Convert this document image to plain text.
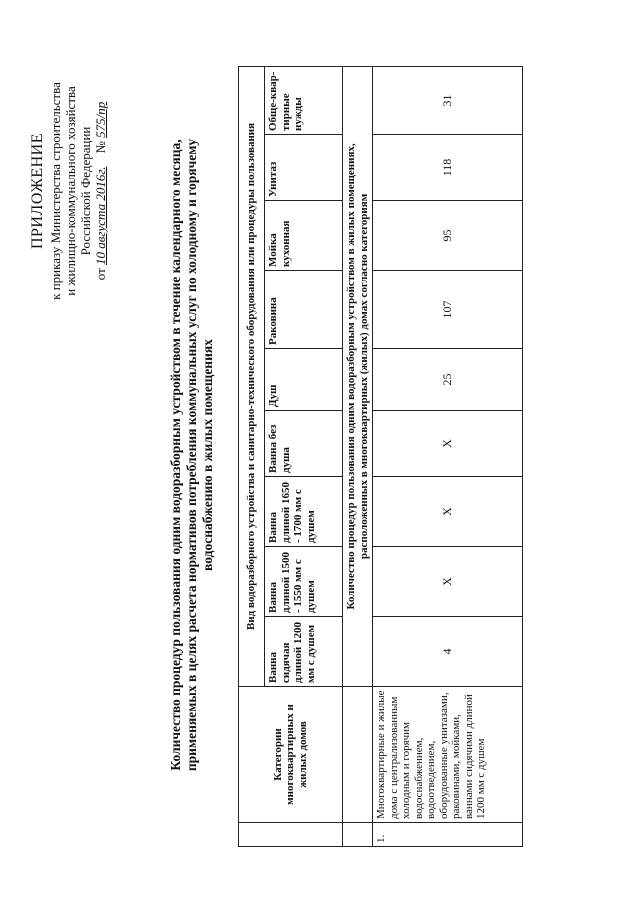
ПРИЛОЖЕНИЕ к приказу Министерства строительства и жилищно-коммунального хозяйства Российской Федерации
от 10 августа 2016г.    № 575/пр
Количество процедур пользования одним водоразборным устройством в течение календарного месяца, применяемых в целях расчета нормативов потребления коммунальных услуг по холодному и горячему водоснабжению в жилых помещениях
	Категории многоквартирных и жилых домов	Вид водоразборного устройства и санитарно-технического оборудования или процедуры пользования								
		Ванна сидячая длиной 1200 мм с душем	Ванна длиной 1500 - 1550 мм с душем	Ванна длиной 1650 - 1700 мм с душем	Ванна без душа	Душ	Раковина	Мойка кухонная	Унитаз	Обще-квар-тирные нужды

		Количество процедур пользования одним водоразборным устройством в жилых помещениях, расположенных в многоквартирных (жилых) домах согласно категориям								

1.	Многоквартирные и жилые дома с централизованным холодным и горячим водоснабжением, водоотведением, оборудованные унитазами, раковинами, мойками, ваннами сидячими длиной 1200 мм с душем	4	X	X	X	25	107	95	118	31
